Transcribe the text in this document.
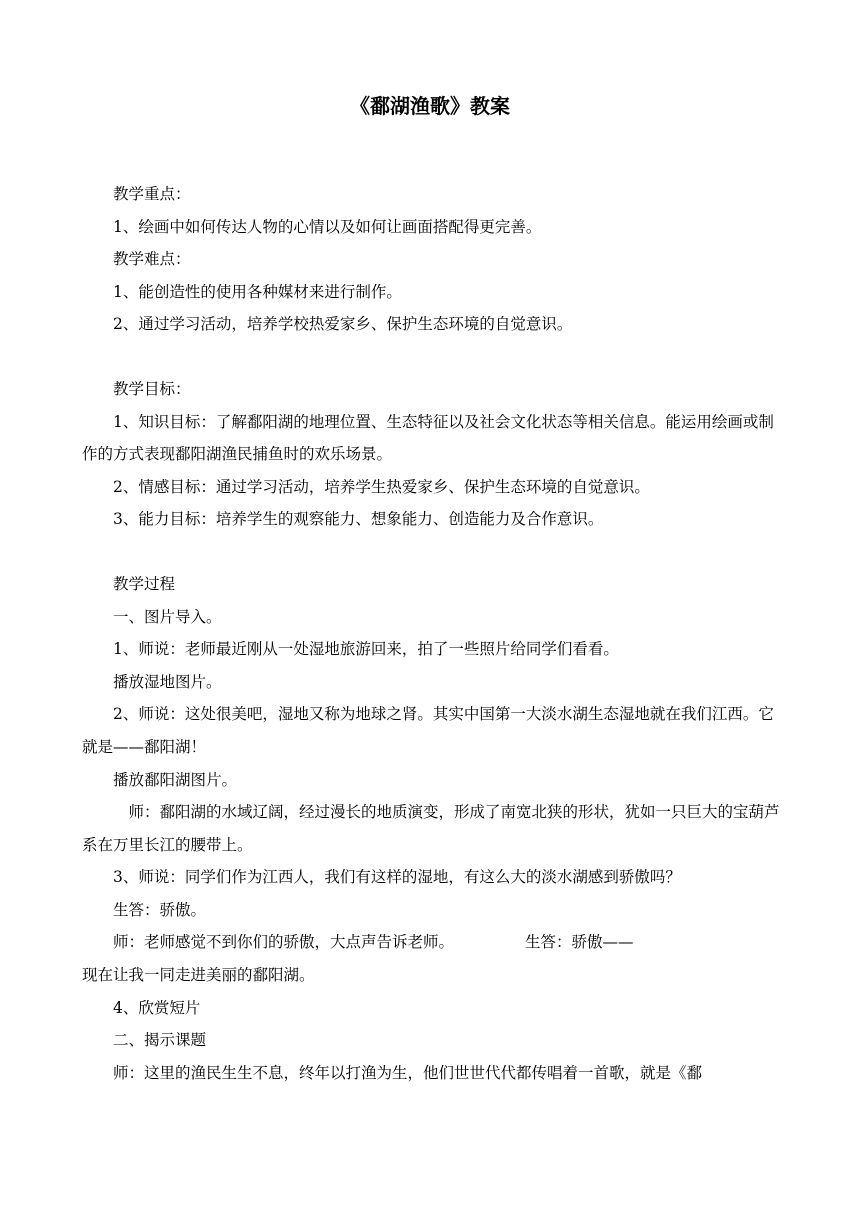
《鄱湖渔歌》教案

教学重点：

1、绘画中如何传达人物的心情以及如何让画面搭配得更完善。

教学难点：

1、能创造性的使用各种媒材来进行制作。

2、通过学习活动，培养学校热爱家乡、保护生态环境的自觉意识。

教学目标：

1、知识目标：了解鄱阳湖的地理位置、生态特征以及社会文化状态等相关信息。能运用绘画或制作的方式表现鄱阳湖渔民捕鱼时的欢乐场景。

2、情感目标：通过学习活动，培养学生热爱家乡、保护生态环境的自觉意识。

3、能力目标：培养学生的观察能力、想象能力、创造能力及合作意识。

教学过程

一、图片导入。

1、师说：老师最近刚从一处湿地旅游回来，拍了一些照片给同学们看看。

播放湿地图片。

2、师说：这处很美吧，湿地又称为地球之肾。其实中国第一大淡水湖生态湿地就在我们江西。它就是——鄱阳湖！

播放鄱阳湖图片。

师：鄱阳湖的水域辽阔，经过漫长的地质演变，形成了南宽北狭的形状，犹如一只巨大的宝葫芦系在万里长江的腰带上。

3、师说：同学们作为江西人，我们有这样的湿地，有这么大的淡水湖感到骄傲吗？

生答：骄傲。

师：老师感觉不到你们的骄傲，大点声告诉老师。	生答：骄傲——

现在让我一同走进美丽的鄱阳湖。

4、欣赏短片

二、揭示课题

师：这里的渔民生生不息，终年以打渔为生，他们世世代代都传唱着一首歌，就是《鄱
